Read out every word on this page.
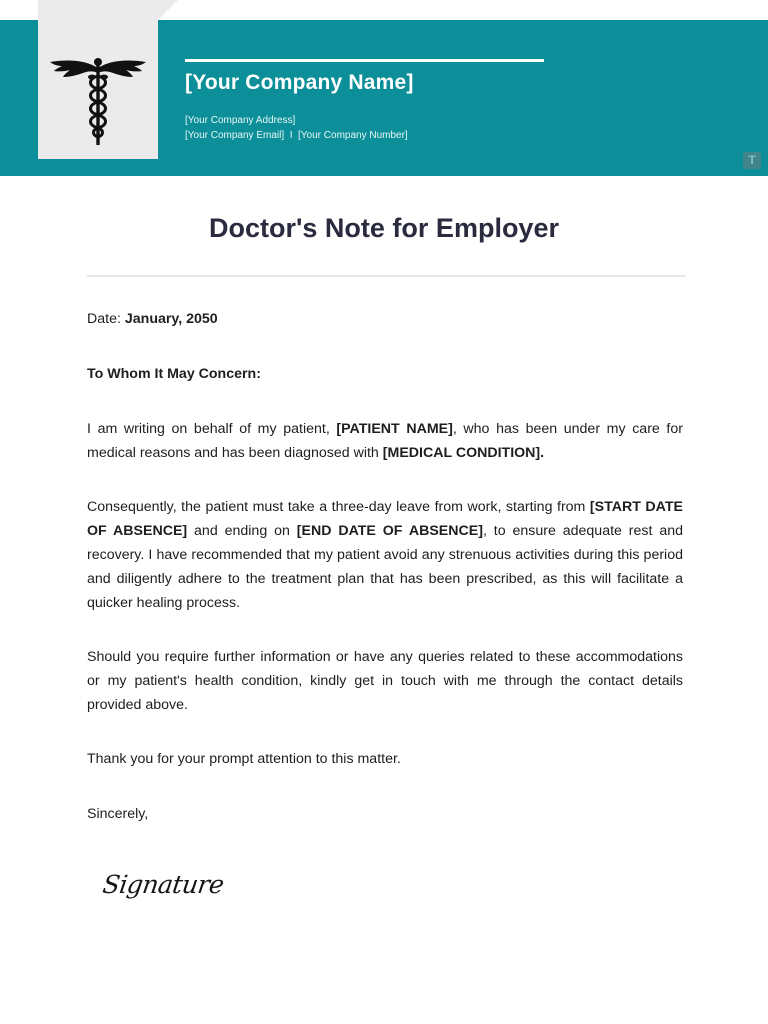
[Your Company Name]
[Your Company Address]
[Your Company Email] I [Your Company Number]
T
Doctor's Note for Employer
Date: January, 2050
To Whom It May Concern:
I am writing on behalf of my patient, [PATIENT NAME], who has been under my care for medical reasons and has been diagnosed with [MEDICAL CONDITION].
Consequently, the patient must take a three-day leave from work, starting from [START DATE OF ABSENCE] and ending on [END DATE OF ABSENCE], to ensure adequate rest and recovery. I have recommended that my patient avoid any strenuous activities during this period and diligently adhere to the treatment plan that has been prescribed, as this will facilitate a quicker healing process.
Should you require further information or have any queries related to these accommodations or my patient's health condition, kindly get in touch with me through the contact details provided above.
Thank you for your prompt attention to this matter.
Sincerely,
Signature
